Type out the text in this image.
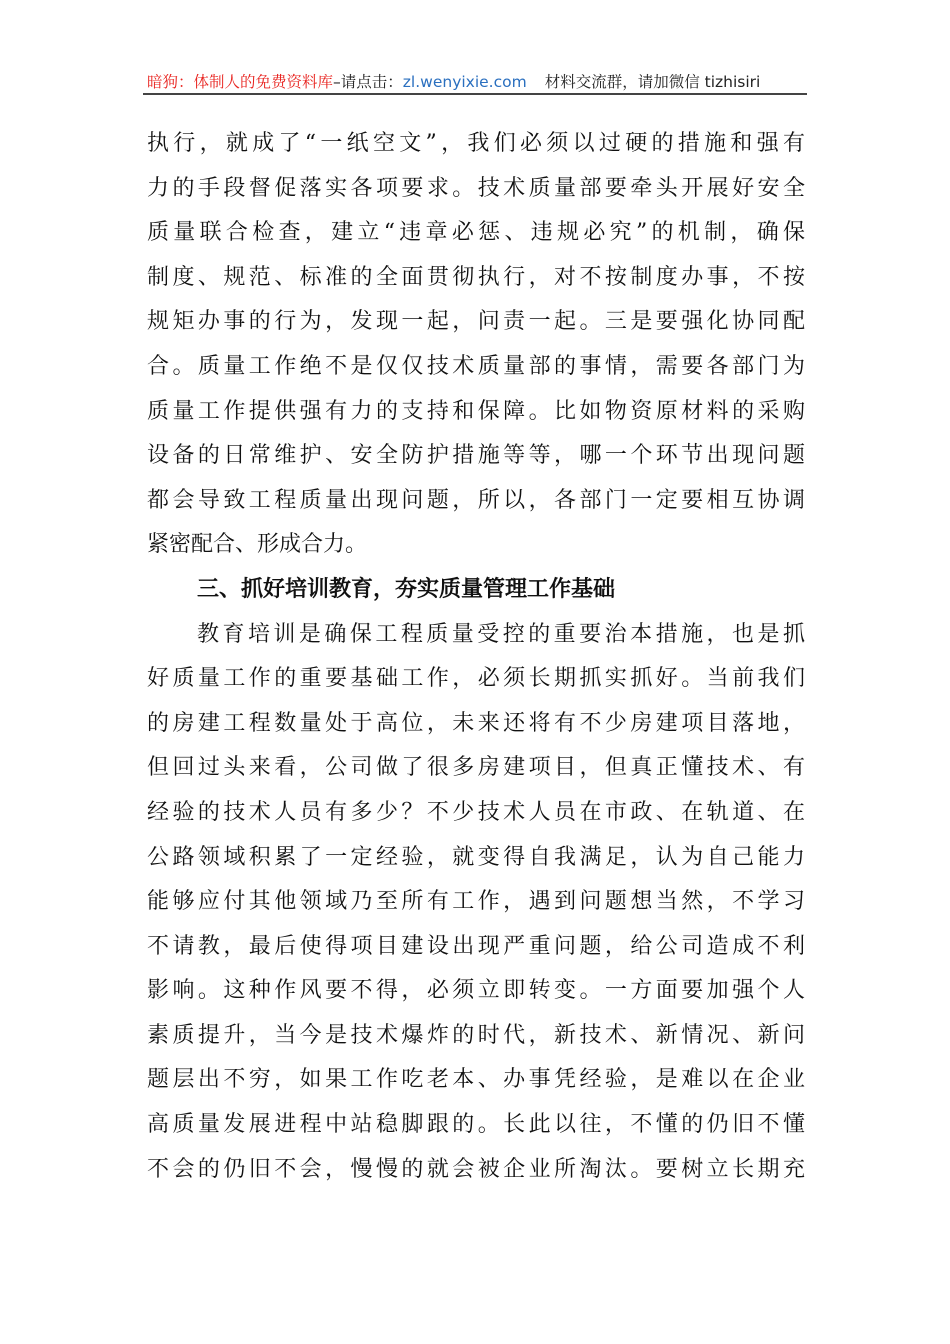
暗狗：体制人的免费资料库–请点击：zl.wenyixie.com 材料交流群，请加微信 tizhisiri
执行，就成了“一纸空文”，我们必须以过硬的措施和强有
力的手段督促落实各项要求。技术质量部要牵头开展好安全
质量联合检查，建立“违章必惩、违规必究”的机制，确保
制度、规范、标准的全面贯彻执行，对不按制度办事，不按
规矩办事的行为，发现一起，问责一起。三是要强化协同配
合。质量工作绝不是仅仅技术质量部的事情，需要各部门为
质量工作提供强有力的支持和保障。比如物资原材料的采购
设备的日常维护、安全防护措施等等，哪一个环节出现问题
都会导致工程质量出现问题，所以，各部门一定要相互协调
紧密配合、形成合力。
三、抓好培训教育，夯实质量管理工作基础
教育培训是确保工程质量受控的重要治本措施，也是抓
好质量工作的重要基础工作，必须长期抓实抓好。当前我们
的房建工程数量处于高位，未来还将有不少房建项目落地，
但回过头来看，公司做了很多房建项目，但真正懂技术、有
经验的技术人员有多少？不少技术人员在市政、在轨道、在
公路领域积累了一定经验，就变得自我满足，认为自己能力
能够应付其他领域乃至所有工作，遇到问题想当然，不学习
不请教，最后使得项目建设出现严重问题，给公司造成不利
影响。这种作风要不得，必须立即转变。一方面要加强个人
素质提升，当今是技术爆炸的时代，新技术、新情况、新问
题层出不穷，如果工作吃老本、办事凭经验，是难以在企业
高质量发展进程中站稳脚跟的。长此以往，不懂的仍旧不懂
不会的仍旧不会，慢慢的就会被企业所淘汰。要树立长期充
